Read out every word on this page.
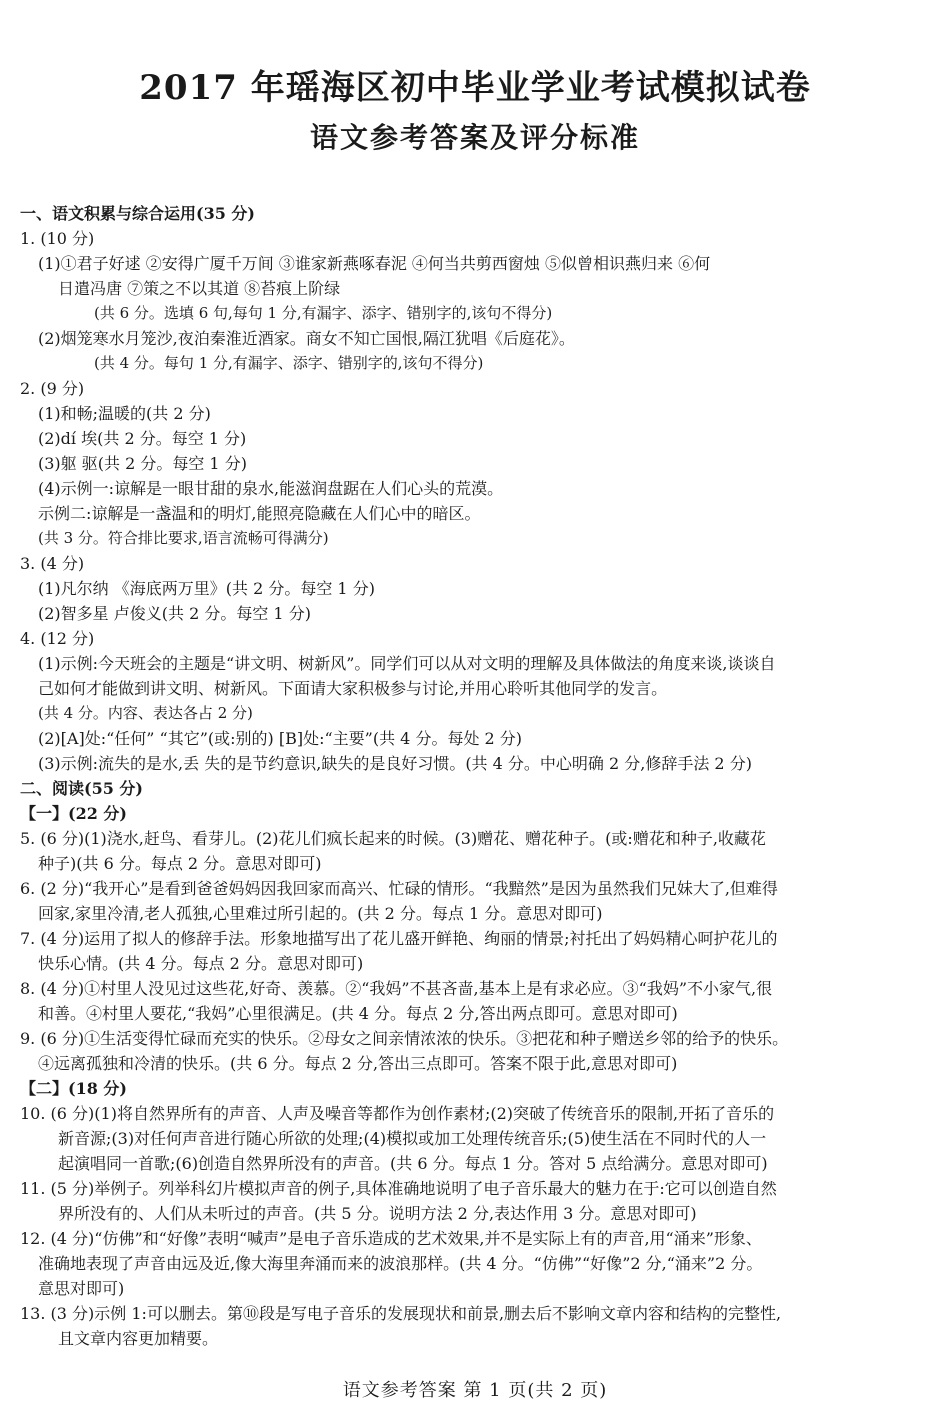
2017 年瑶海区初中毕业学业考试模拟试卷
语文参考答案及评分标准
一、语文积累与综合运用(35 分)
1. (10 分)
(1)①君子好逑 ②安得广厦千万间 ③谁家新燕啄春泥 ④何当共剪西窗烛 ⑤似曾相识燕归来 ⑥何
日遣冯唐 ⑦策之不以其道 ⑧苔痕上阶绿
(共 6 分。选填 6 句,每句 1 分,有漏字、添字、错别字的,该句不得分)
(2)烟笼寒水月笼沙,夜泊秦淮近酒家。商女不知亡国恨,隔江犹唱《后庭花》。
(共 4 分。每句 1 分,有漏字、添字、错别字的,该句不得分)
2. (9 分)
(1)和畅;温暖的(共 2 分)
(2)dí 埃(共 2 分。每空 1 分)
(3)躯 驱(共 2 分。每空 1 分)
(4)示例一:谅解是一眼甘甜的泉水,能滋润盘踞在人们心头的荒漠。
示例二:谅解是一盏温和的明灯,能照亮隐藏在人们心中的暗区。
(共 3 分。符合排比要求,语言流畅可得满分)
3. (4 分)
(1)凡尔纳 《海底两万里》(共 2 分。每空 1 分)
(2)智多星 卢俊义(共 2 分。每空 1 分)
4. (12 分)
(1)示例:今天班会的主题是“讲文明、树新风”。同学们可以从对文明的理解及具体做法的角度来谈,谈谈自
己如何才能做到讲文明、树新风。下面请大家积极参与讨论,并用心聆听其他同学的发言。
(共 4 分。内容、表达各占 2 分)
(2)[A]处:“任何” “其它”(或:别的) [B]处:“主要”(共 4 分。每处 2 分)
(3)示例:流失的是水,丢 失的是节约意识,缺失的是良好习惯。(共 4 分。中心明确 2 分,修辞手法 2 分)
二、阅读(55 分)
【一】(22 分)
5. (6 分)(1)浇水,赶鸟、看芽儿。(2)花儿们疯长起来的时候。(3)赠花、赠花种子。(或:赠花和种子,收藏花
种子)(共 6 分。每点 2 分。意思对即可)
6. (2 分)“我开心”是看到爸爸妈妈因我回家而高兴、忙碌的情形。“我黯然”是因为虽然我们兄妹大了,但难得
回家,家里冷清,老人孤独,心里难过所引起的。(共 2 分。每点 1 分。意思对即可)
7. (4 分)运用了拟人的修辞手法。形象地描写出了花儿盛开鲜艳、绚丽的情景;衬托出了妈妈精心呵护花儿的
快乐心情。(共 4 分。每点 2 分。意思对即可)
8. (4 分)①村里人没见过这些花,好奇、羡慕。②“我妈”不甚吝啬,基本上是有求必应。③“我妈”不小家气,很
和善。④村里人要花,“我妈”心里很满足。(共 4 分。每点 2 分,答出两点即可。意思对即可)
9. (6 分)①生活变得忙碌而充实的快乐。②母女之间亲情浓浓的快乐。③把花和种子赠送乡邻的给予的快乐。
④远离孤独和冷清的快乐。(共 6 分。每点 2 分,答出三点即可。答案不限于此,意思对即可)
【二】(18 分)
10. (6 分)(1)将自然界所有的声音、人声及噪音等都作为创作素材;(2)突破了传统音乐的限制,开拓了音乐的
新音源;(3)对任何声音进行随心所欲的处理;(4)模拟或加工处理传统音乐;(5)使生活在不同时代的人一
起演唱同一首歌;(6)创造自然界所没有的声音。(共 6 分。每点 1 分。答对 5 点给满分。意思对即可)
11. (5 分)举例子。列举科幻片模拟声音的例子,具体准确地说明了电子音乐最大的魅力在于:它可以创造自然
界所没有的、人们从未听过的声音。(共 5 分。说明方法 2 分,表达作用 3 分。意思对即可)
12. (4 分)“仿佛”和“好像”表明“喊声”是电子音乐造成的艺术效果,并不是实际上有的声音,用“涌来”形象、
准确地表现了声音由远及近,像大海里奔涌而来的波浪那样。(共 4 分。“仿佛”“好像”2 分,“涌来”2 分。
意思对即可)
13. (3 分)示例 1:可以删去。第⑩段是写电子音乐的发展现状和前景,删去后不影响文章内容和结构的完整性,
且文章内容更加精要。
语文参考答案 第 1 页(共 2 页)
